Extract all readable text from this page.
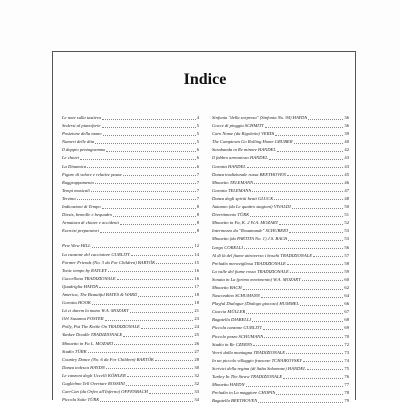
Indice
Le note sulla tastiera	4
Sedersi al pianoforte	5
Posizione della mano	5
Numeri delle dita	5
Il doppio pentagramma	6
Le chiavi	6
La Dinamica	6
Figure di valore e relative pause	7
Raggruppamento	7
Tempi musicali	7
Terzina	7
Indicazioni di Tempo	8
Diesis, bemolle e bequadro	8
Armatura di chiave e accidenti	8
Esercizi preparatori	8
Pew Wew HILL	12
La canzone del cacciatore GURLITT	14
Former Friends (No. 3 da For Children) BARTÓK	15
Tonic tempo by RATLEY	16
Cuccellona TRADIZIONALE	16
Quadriglia HAYDN	17
America, The Beautiful BATES & WARD	18
Gavotta HOOK	18
Lá ci darem la mano W.A. MOZART	21
Oh! Susanna FOSTER	23
Polly, Put The Kettle On TRADIZIONALE	24
Yankee Doodle TRADIZIONALE	25
Minuetto in Fa L. MOZART	26
Studio TÜRK	27
Country Dance (No. 6 da For Children) BARTÓK	28
Danza tedesca HAYDN	30
Le canzoni degli Uccelli KÖHLER	32
Guglielmo Tell Overture ROSSINI	32
Can-Can (da Orfeo all'Inferno) OFFENBACH	33
Piccola Suite TÜRK	34
Sinfonia "della sorpresa" (Sinfonia No. 94) HAYDN	36
Gocce di pioggia SCHMITT	36
Caro Nome (da Rigoletto) VERDI	39
The Camptown Go Rolling Home GRUBER	40
Sarabanda in Re minore HANDEL	42
Il fabbro armonioso HANDEL	43
Gavotta HANDEL	43
Danza tradizionale russa BEETHOVEN	45
Minuetto TELEMANN	46
Gavotta TELEMANN	47
Danza degli spiriti beati GLUCK	48
Autunno (da Le quattro stagioni) VIVALDI	50
Divertimento TÜRK	51
Minuetto in Fa, K. 2 W.A. MOZART	52
Intermezzo da "Rosamunde" SCHUBERT	53
Minuetto (da PARTITA No. 1) J.S. BACH	53
Largo CORELLI	56
Al di là del fiume attraverso i boschi TRADIZIONALE	57
Preludio meravigliosa TRADIZIONALE	58
La valle del fiume rosso TRADIZIONALE	59
Sonata in La (primo movimento) W.A. MOZART	60
Minuetto BACH	62
Nascondino SCHUMANN	64
Playful Dialogue (Dialogo giocoso) HUMMEL	66
Ciaccia MÜLLER	67
Bagatella DIABELLI	68
Piccola canzone GURLITT	69
Piccolo pezzo SCHUMANN	70
Studio in Re CZERNY	72
Verrò dalla montagna TRADIZIONALE	73
In un piccolo villaggio francese TCHAIKOVSKY	74
Scrivici della regina (di Saba Salomone) HANDEL	75
Turkey In The Straw TRADIZIONALE	76
Minuetto HAYDN	77
Preludio in La maggiore CHOPIN	78
Bagatella BEETHOVEN	79
